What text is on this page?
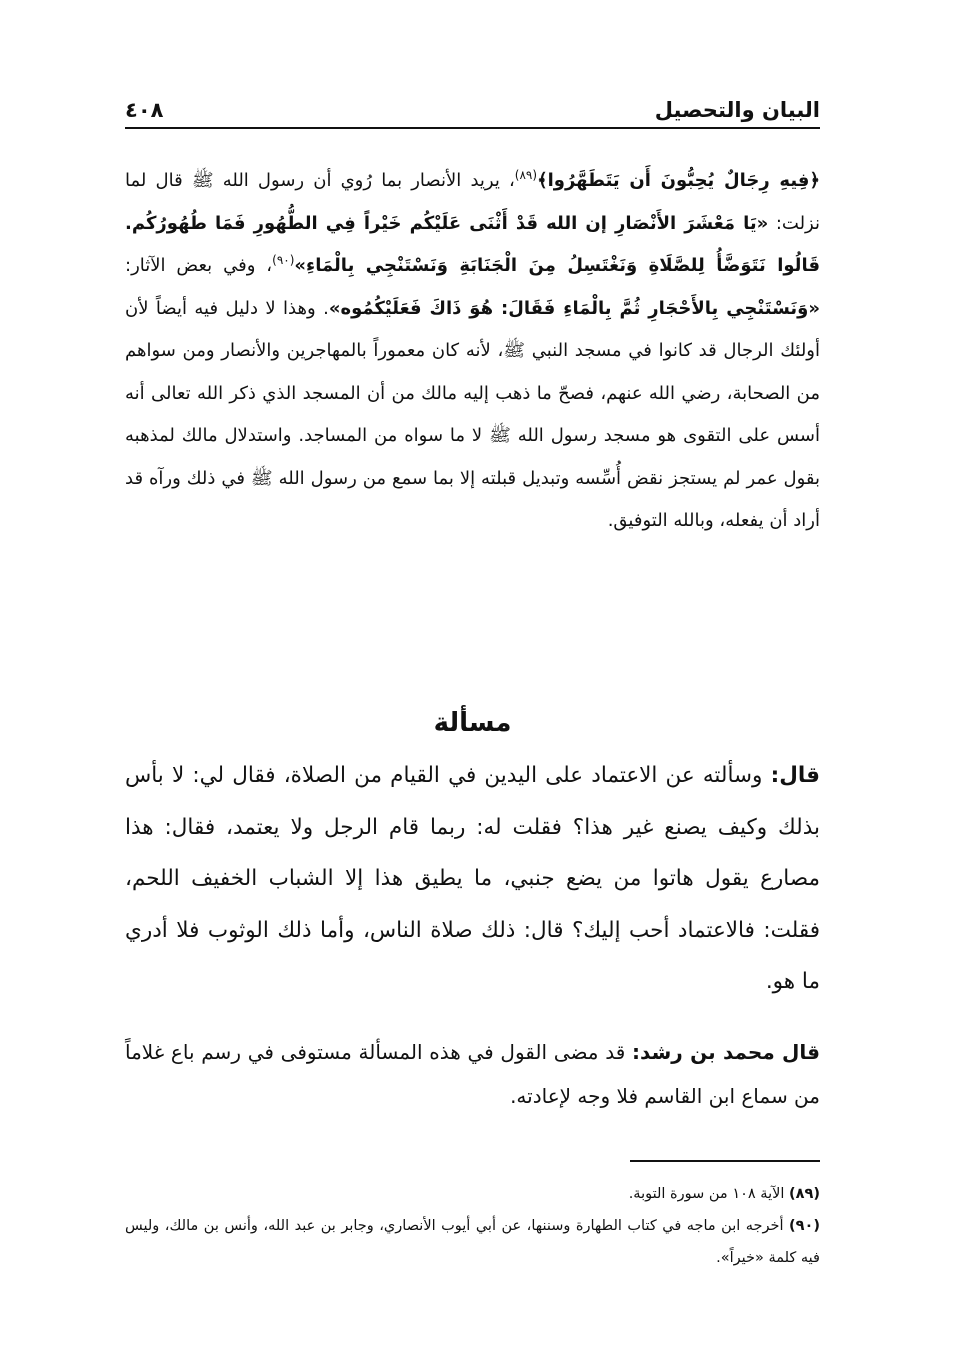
البيان والتحصيل
٤٠٨

﴿فِيهِ رِجَالٌ يُحِبُّونَ أَن يَتَطَهَّرُوا﴾$^{(٨٩)}$، يريد الأنصار بما رُوي أن رسول الله ﷺ قال لما نزلت: «يَا مَعْشَرَ الأَنْصَارِ إن الله قَدْ أَثْنَى عَلَيْكُم خَيْراً فِي الطُّهُورِ فَمَا طُهُورُكُم. قَالُوا نَتَوَضَّأُ لِلصَّلَاةِ وَنَغْتَسِلُ مِنَ الْجَنَابَةِ وَنَسْتَنْجِي بِالْمَاءِ»$^{(٩٠)}$، وفي بعض الآثار: «وَنَسْتَنْجِي بِالأَحْجَارِ ثُمَّ بِالْمَاءِ فَقَالَ: هُوَ ذَاكَ فَعَلَيْكُمُوه». وهذا لا دليل فيه أيضاً لأن أولئك الرجال قد كانوا في مسجد النبي ﷺ، لأنه كان معموراً بالمهاجرين والأنصار ومن سواهم من الصحابة، رضي الله عنهم، فصحّ ما ذهب إليه مالك من أن المسجد الذي ذكر الله تعالى أنه أسس على التقوى هو مسجد رسول الله ﷺ لا ما سواه من المساجد. واستدلال مالك لمذهبه بقول عمر لم يستجز نقض أُسِّسه وتبديل قبلته إلا بما سمع من رسول الله ﷺ في ذلك ورآه قد أراد أن يفعله، وبالله التوفيق.

مسألة

قال: وسألته عن الاعتماد على اليدين في القيام من الصلاة، فقال لي: لا بأس بذلك وكيف يصنع غير هذا؟ فقلت له: ربما قام الرجل ولا يعتمد، فقال: هذا مصارع يقول هاتوا من يضع جنبي، ما يطيق هذا إلا الشباب الخفيف اللحم، فقلت: فالاعتماد أحب إليك؟ قال: ذلك صلاة الناس، وأما ذلك الوثوب فلا أدري ما هو.

قال محمد بن رشد: قد مضى القول في هذه المسألة مستوفى في رسم باع غلاماً من سماع ابن القاسم فلا وجه لإعادته.

(٨٩) الآية ١٠٨ من سورة التوبة.

(٩٠) أخرجه ابن ماجه في كتاب الطهارة وسننها، عن أبي أيوب الأنصاري، وجابر بن عبد الله، وأنس بن مالك، وليس فيه كلمة «خيراً».
